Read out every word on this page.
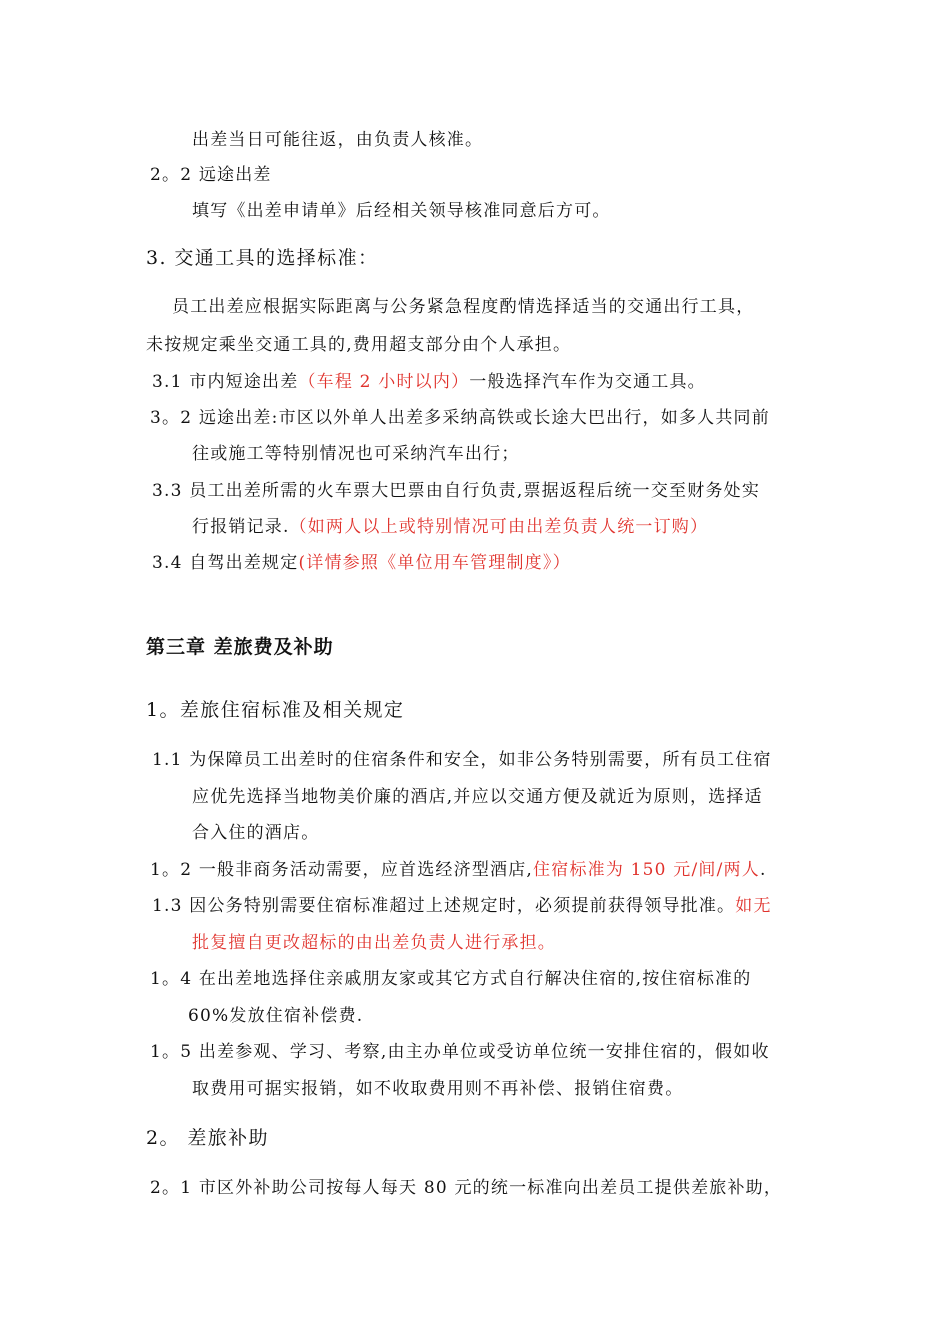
出差当日可能往返，由负责人核准。
2。2 远途出差
填写《出差申请单》后经相关领导核准同意后方可。
3. 交通工具的选择标准：
员工出差应根据实际距离与公务紧急程度酌情选择适当的交通出行工具，
未按规定乘坐交通工具的,费用超支部分由个人承担。
3.1 市内短途出差（车程 2 小时以内）一般选择汽车作为交通工具。
3。2 远途出差:市区以外单人出差多采纳高铁或长途大巴出行，如多人共同前
往或施工等特别情况也可采纳汽车出行；
3.3 员工出差所需的火车票大巴票由自行负责,票据返程后统一交至财务处实
行报销记录.（如两人以上或特别情况可由出差负责人统一订购）
3.4 自驾出差规定(详情参照《单位用车管理制度》）
第三章 差旅费及补助
1。差旅住宿标准及相关规定
1.1 为保障员工出差时的住宿条件和安全，如非公务特别需要，所有员工住宿
应优先选择当地物美价廉的酒店,并应以交通方便及就近为原则，选择适
合入住的酒店。
1。2 一般非商务活动需要，应首选经济型酒店,住宿标准为 150 元/间/两人.
1.3 因公务特别需要住宿标准超过上述规定时，必须提前获得领导批准。如无
批复擅自更改超标的由出差负责人进行承担。
1。4 在出差地选择住亲戚朋友家或其它方式自行解决住宿的,按住宿标准的
60%发放住宿补偿费.
1。5 出差参观、学习、考察,由主办单位或受访单位统一安排住宿的，假如收
取费用可据实报销，如不收取费用则不再补偿、报销住宿费。
2。 差旅补助
2。1 市区外补助公司按每人每天 80 元的统一标准向出差员工提供差旅补助，
